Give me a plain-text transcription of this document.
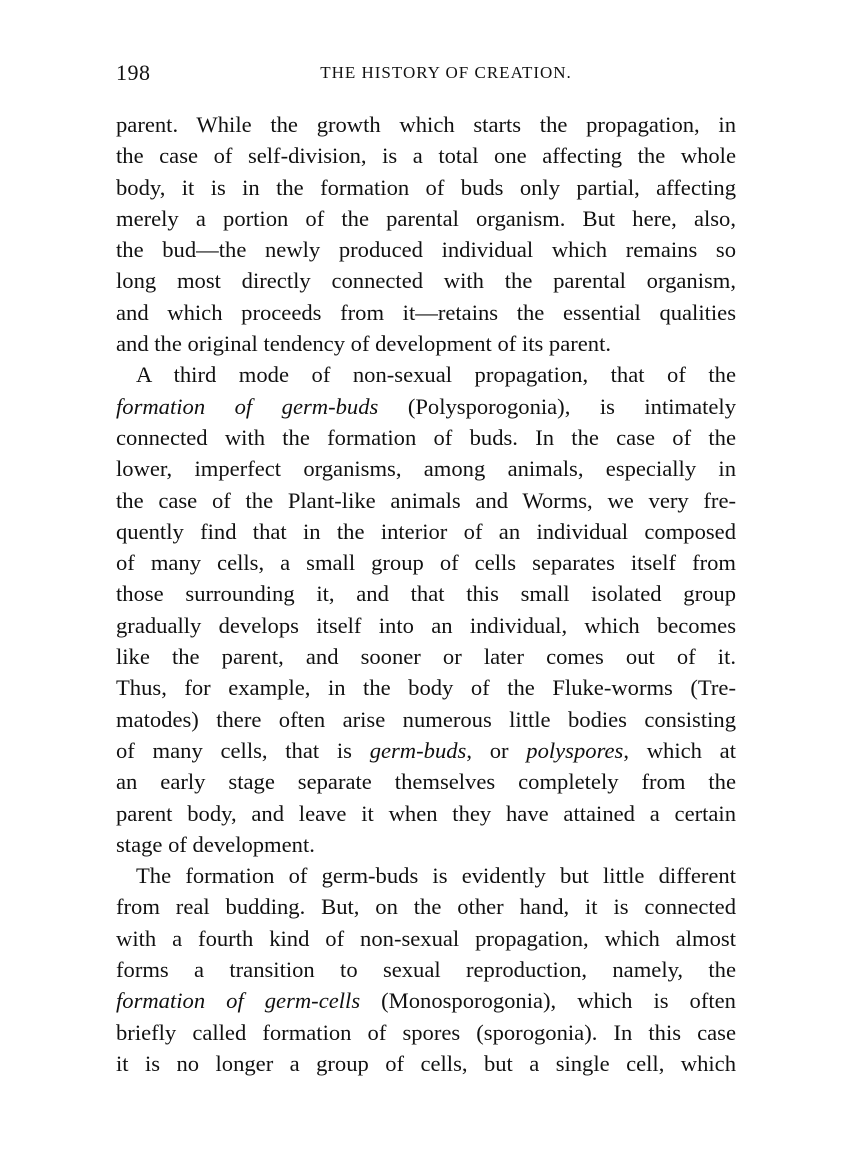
198	THE HISTORY OF CREATION.

parent. While the growth which starts the propagation, in
the case of self-division, is a total one affecting the whole
body, it is in the formation of buds only partial, affecting
merely a portion of the parental organism. But here, also,
the bud—the newly produced individual which remains so
long most directly connected with the parental organism,
and which proceeds from it—retains the essential qualities
and the original tendency of development of its parent.

A third mode of non-sexual propagation, that of the
formation of germ-buds (Polysporogonia), is intimately
connected with the formation of buds. In the case of the
lower, imperfect organisms, among animals, especially in
the case of the Plant-like animals and Worms, we very fre-
quently find that in the interior of an individual composed
of many cells, a small group of cells separates itself from
those surrounding it, and that this small isolated group
gradually develops itself into an individual, which becomes
like the parent, and sooner or later comes out of it.
Thus, for example, in the body of the Fluke-worms (Tre-
matodes) there often arise numerous little bodies consisting
of many cells, that is germ-buds, or polyspores, which at
an early stage separate themselves completely from the
parent body, and leave it when they have attained a certain
stage of development.

The formation of germ-buds is evidently but little different
from real budding. But, on the other hand, it is connected
with a fourth kind of non-sexual propagation, which almost
forms a transition to sexual reproduction, namely, the
formation of germ-cells (Monosporogonia), which is often
briefly called formation of spores (sporogonia). In this case
it is no longer a group of cells, but a single cell, which
